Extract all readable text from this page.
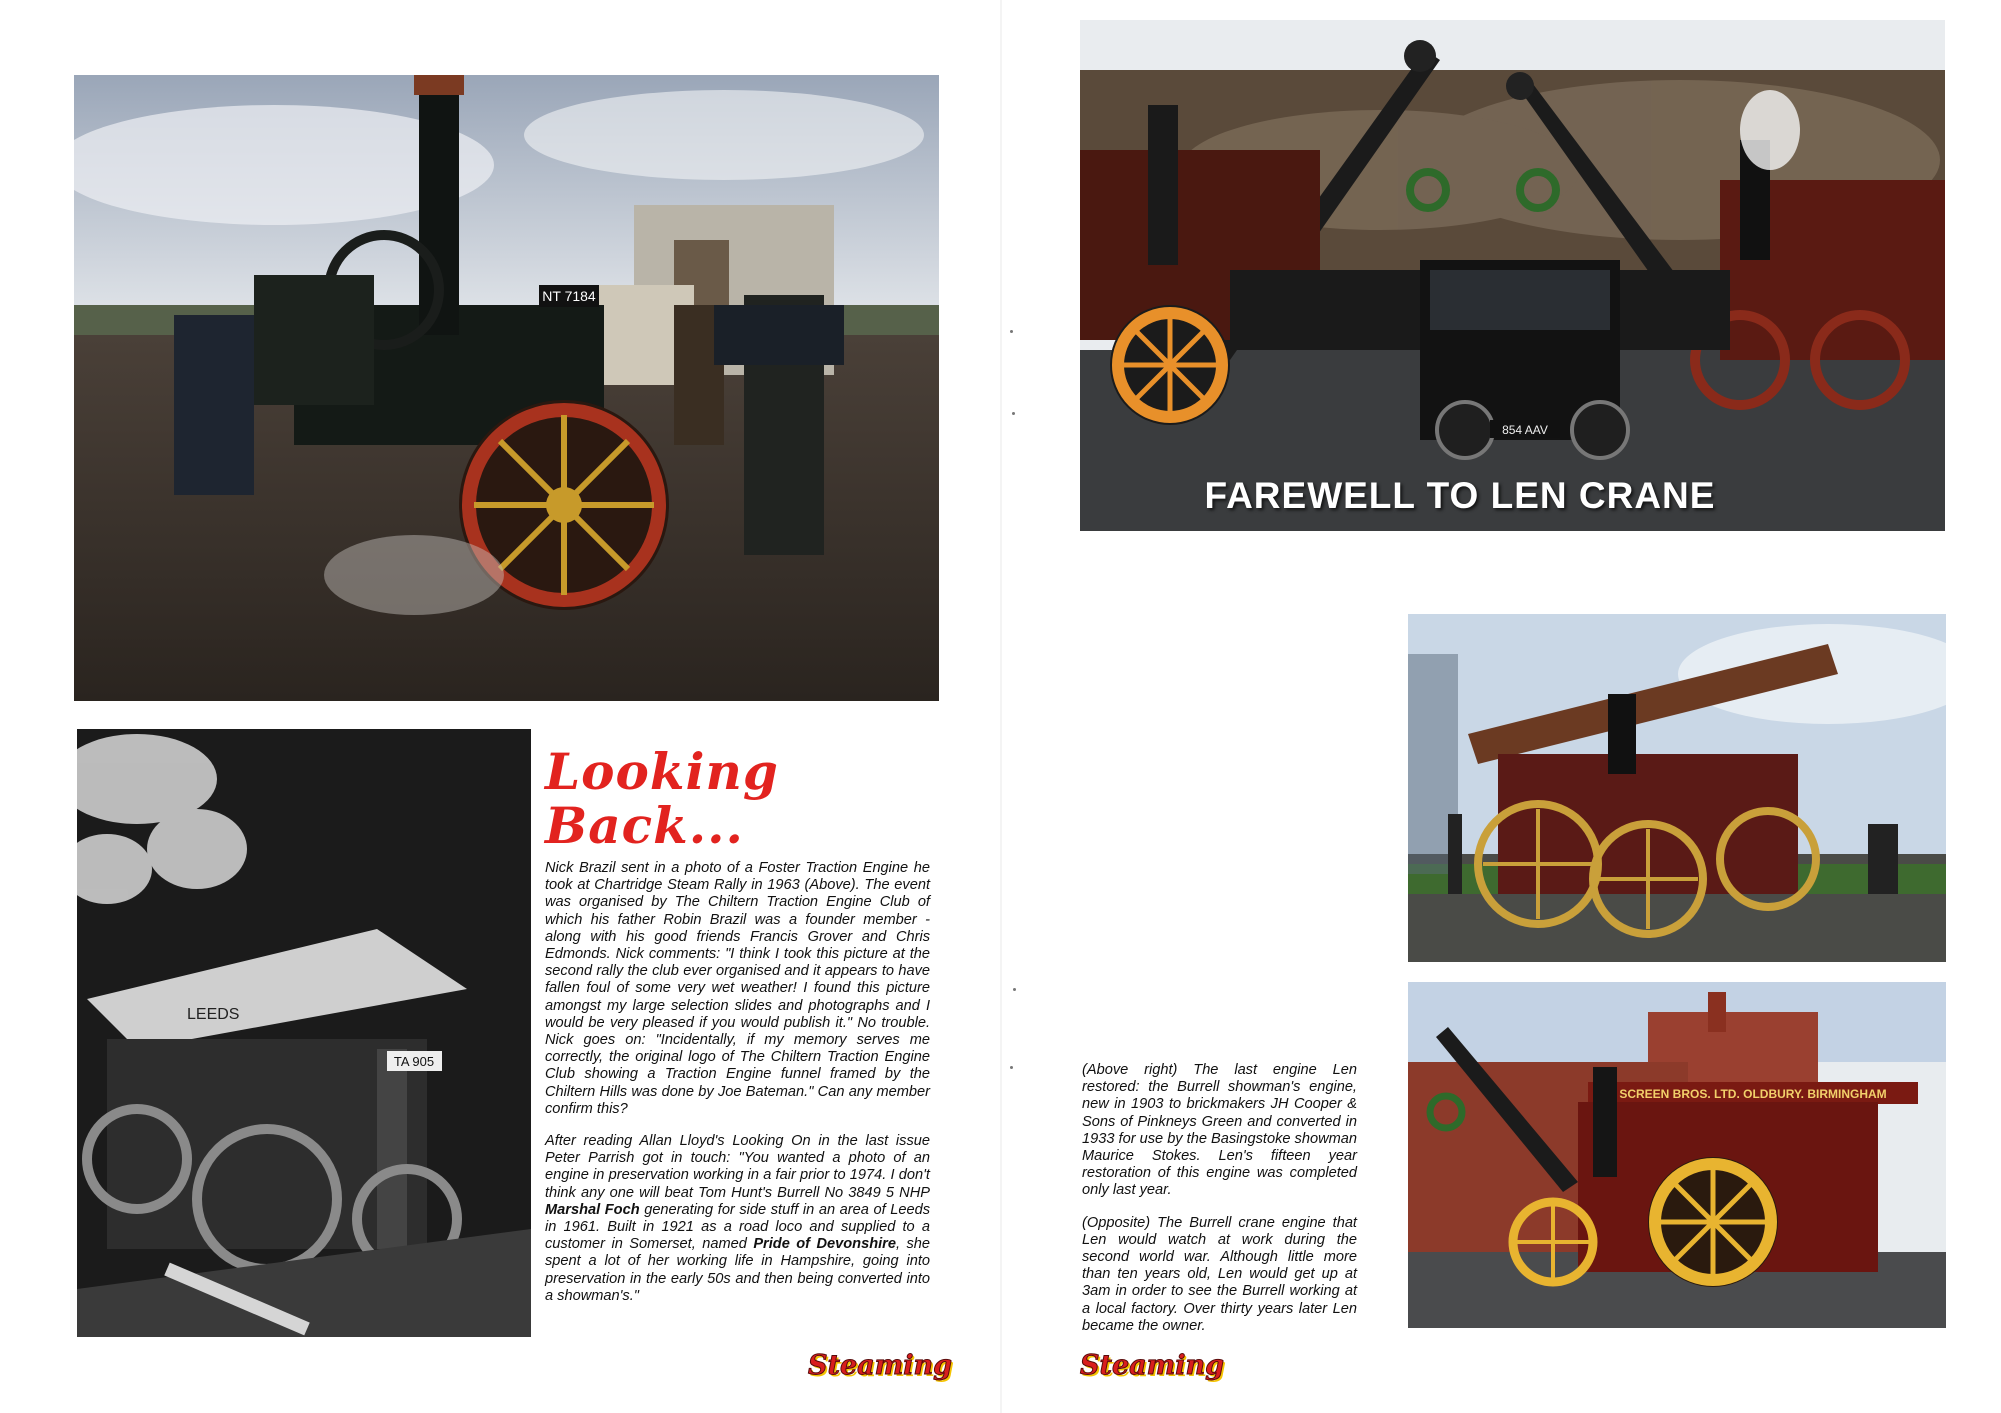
NT 7184
LEEDS
TA 905
Looking
Back...

Nick Brazil sent in a photo of a Foster Traction Engine he took at Chartridge Steam Rally in 1963 (Above). The event was organised by The Chiltern Traction Engine Club of which his father Robin Brazil was a founder member - along with his good friends Francis Grover and Chris Edmonds. Nick comments: "I think I took this picture at the second rally the club ever organised and it appears to have fallen foul of some very wet weather! I found this picture amongst my large selection slides and photographs and I would be very pleased if you would publish it." No trouble. Nick goes on: "Incidentally, if my memory serves me correctly, the original logo of The Chiltern Traction Engine Club showing a Traction Engine funnel framed by the Chiltern Hills was done by Joe Bateman." Can any member confirm this?

After reading Allan Lloyd's Looking On in the last issue Peter Parrish got in touch: "You wanted a photo of an engine in preservation working in a fair prior to 1974. I don't think any one will beat Tom Hunt's Burrell No 3849 5 NHP Marshal Foch generating for side stuff in an area of Leeds in 1961. Built in 1921 as a road loco and supplied to a customer in Somerset, named Pride of Devonshire, she spent a lot of her working life in Hampshire, going into preservation in the early 50s and then being converted into a showman's."

854 AAV
FAREWELL TO LEN CRANE
SCREEN BROS. LTD. OLDBURY. BIRMINGHAM

(Above right) The last engine Len restored: the Burrell showman's engine, new in 1903 to brickmakers JH Cooper & Sons of Pinkneys Green and converted in 1933 for use by the Basingstoke showman Maurice Stokes. Len's fifteen year restoration of this engine was completed only last year.

(Opposite) The Burrell crane engine that Len would watch at work during the second world war. Although little more than ten years old, Len would get up at 3am in order to see the Burrell working at a local factory. Over thirty years later Len became the owner.

Steaming	Steaming
